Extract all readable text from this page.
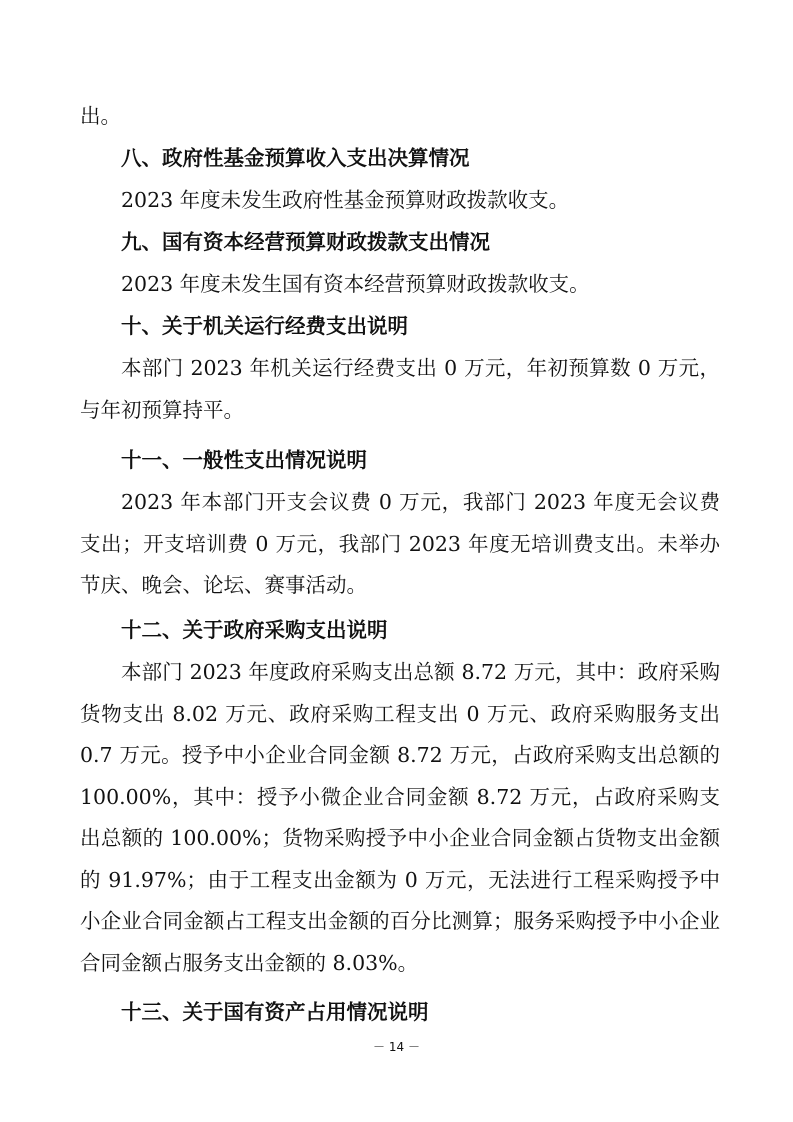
出。

八、政府性基金预算收入支出决算情况

2023 年度未发生政府性基金预算财政拨款收支。

九、国有资本经营预算财政拨款支出情况

2023 年度未发生国有资本经营预算财政拨款收支。

十、关于机关运行经费支出说明

本部门 2023 年机关运行经费支出 0 万元，年初预算数 0 万元，与年初预算持平。

十一、一般性支出情况说明

2023 年本部门开支会议费 0 万元，我部门 2023 年度无会议费支出；开支培训费 0 万元，我部门 2023 年度无培训费支出。未举办节庆、晚会、论坛、赛事活动。

十二、关于政府采购支出说明

本部门 2023 年度政府采购支出总额 8.72 万元，其中：政府采购货物支出 8.02 万元、政府采购工程支出 0 万元、政府采购服务支出 0.7 万元。授予中小企业合同金额 8.72 万元，占政府采购支出总额的 100.00%，其中：授予小微企业合同金额 8.72 万元，占政府采购支出总额的 100.00%；货物采购授予中小企业合同金额占货物支出金额的 91.97%；由于工程支出金额为 0 万元，无法进行工程采购授予中小企业合同金额占工程支出金额的百分比测算；服务采购授予中小企业合同金额占服务支出金额的 8.03%。

十三、关于国有资产占用情况说明

－ 14 －
